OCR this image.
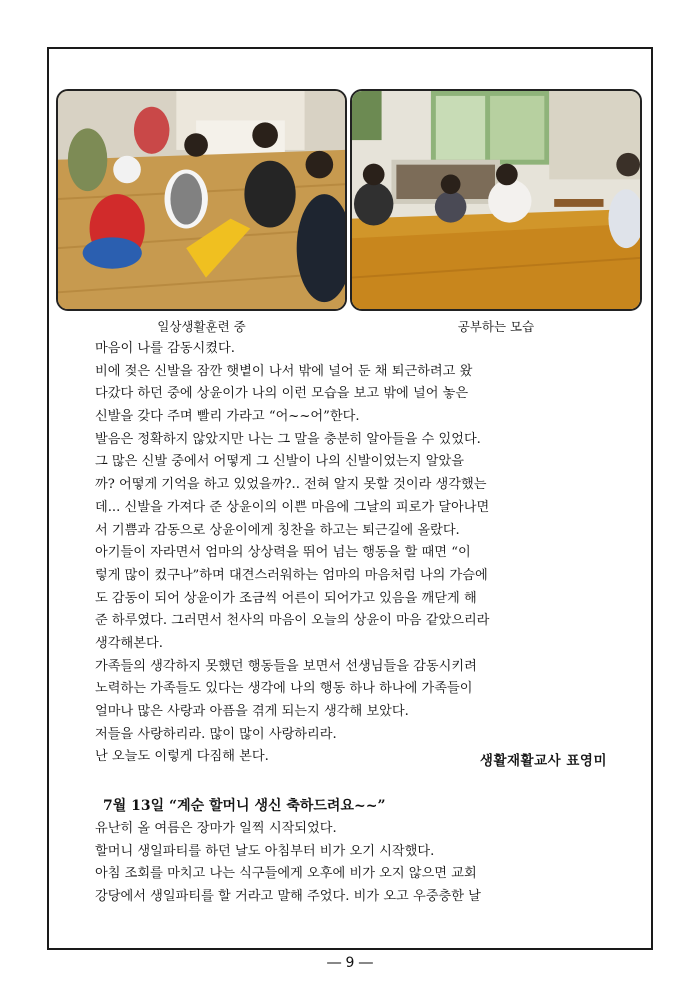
일상생활훈련 중	공부하는 모습
마음이 나를 감동시켰다.
비에 젖은 신발을 잠깐 햇볕이 나서 밖에 널어 둔 채 퇴근하려고 왔
다갔다 하던 중에 상윤이가 나의 이런 모습을 보고 밖에 널어 놓은
신발을 갖다 주며 빨리 가라고 “어~~어”한다.
발음은 정확하지 않았지만 나는 그 말을 충분히 알아들을 수 있었다.
그 많은 신발 중에서 어떻게 그 신발이 나의 신발이었는지 알았을
까? 어떻게 기억을 하고 있었을까?.. 전혀 알지 못할 것이라 생각했는
데... 신발을 가져다 준 상윤이의 이쁜 마음에 그날의 피로가 달아나면
서 기쁨과 감동으로 상윤이에게 칭찬을 하고는 퇴근길에 올랐다.
아기들이 자라면서 엄마의 상상력을 뛰어 넘는 행동을 할 때면 “이
렇게 많이 컸구나”하며 대견스러워하는 엄마의 마음처럼 나의 가슴에
도 감동이 되어 상윤이가 조금씩 어른이 되어가고 있음을 깨닫게 해
준 하루였다. 그러면서 천사의 마음이 오늘의 상윤이 마음 같았으리라
생각해본다.
가족들의 생각하지 못했던 행동들을 보면서 선생님들을 감동시키려
노력하는 가족들도 있다는 생각에 나의 행동 하나 하나에 가족들이
얼마나 많은 사랑과 아픔을 겪게 되는지 생각해 보았다.
저들을 사랑하리라. 많이 많이 사랑하리라.
난 오늘도 이렇게 다짐해 본다.	생활재활교사 표영미
7월 13일 “계순 할머니 생신 축하드려요~~”
유난히 올 여름은 장마가 일찍 시작되었다.
할머니 생일파티를 하던 날도 아침부터 비가 오기 시작했다.
아침 조회를 마치고 나는 식구들에게 오후에 비가 오지 않으면 교회
강당에서 생일파티를 할 거라고 말해 주었다. 비가 오고 우중충한 날
― 9 ―
